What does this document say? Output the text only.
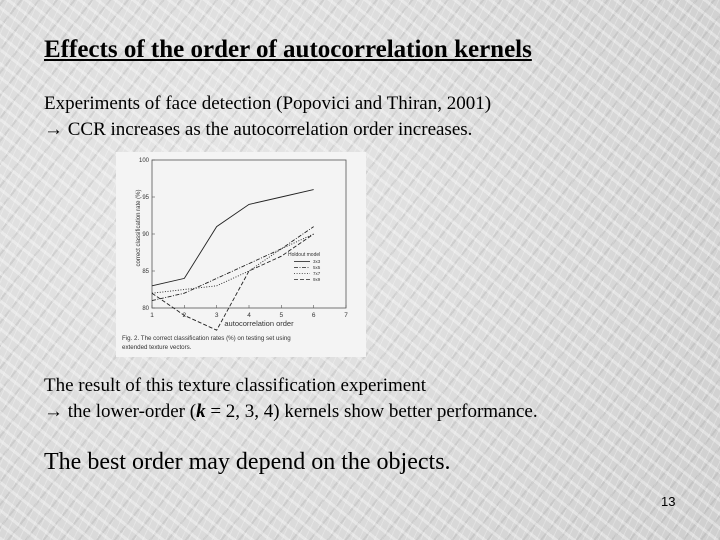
Effects of the order of autocorrelation kernels
Experiments of face detection (Popovici and Thiran, 2001)
→ CCR increases as the autocorrelation order increases.
1	2	3	4	5	6	7
80
85
90
95
100
Holdout model
3x3
5x5
7x7
9x9
autocorrelation order
correct classification rate (%)
Fig. 2. The correct classification rates (%) on testing set using
extended texture vectors.
The result of this texture classification experiment
→ the lower-order (k = 2, 3, 4) kernels show better performance.
The best order may depend on the objects.
13
